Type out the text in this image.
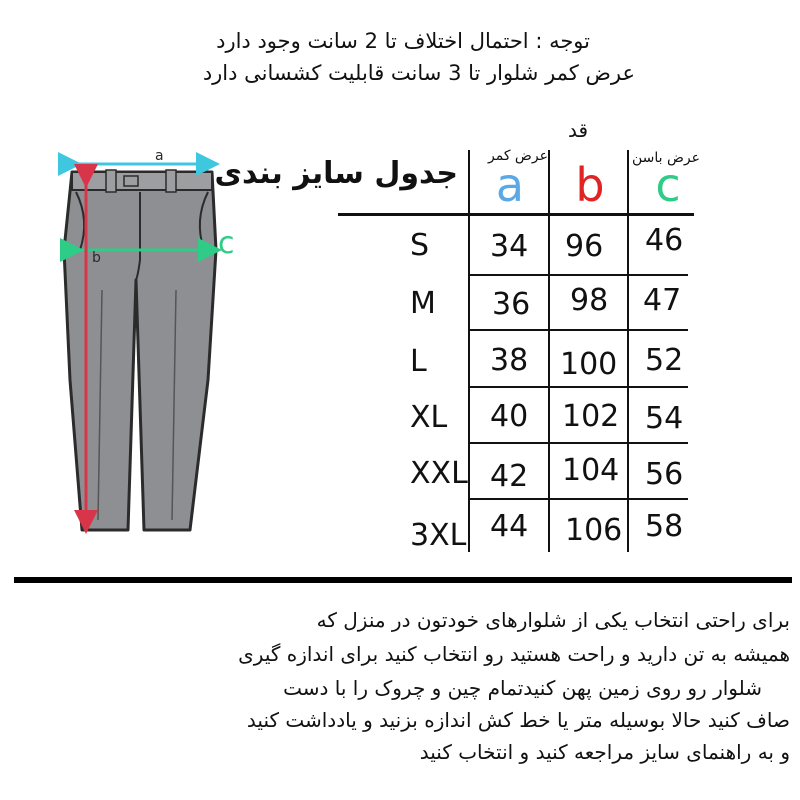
توجه : احتمال اختلاف تا 2 سانت وجود دارد
عرض کمر شلوار تا 3 سانت قابلیت کشسانی دارد
a
b	c
جدول سایز بندی عرض کمر
قد
عرض باسن
a	b	c
S 34 96 46
M 36 98 47
L 38 100 52
XL 40 102 54
XXL 42 104 56
3XL 44 106 58
برای راحتی انتخاب یکی از شلوارهای خودتون در منزل که
همیشه به تن دارید و راحت هستید رو انتخاب کنید برای اندازه گیری
شلوار رو روی زمین پهن کنیدتمام چین و چروک را با دست
صاف کنید حالا بوسیله متر یا خط کش اندازه بزنید و یادداشت کنید
و به راهنمای سایز مراجعه کنید و انتخاب کنید
